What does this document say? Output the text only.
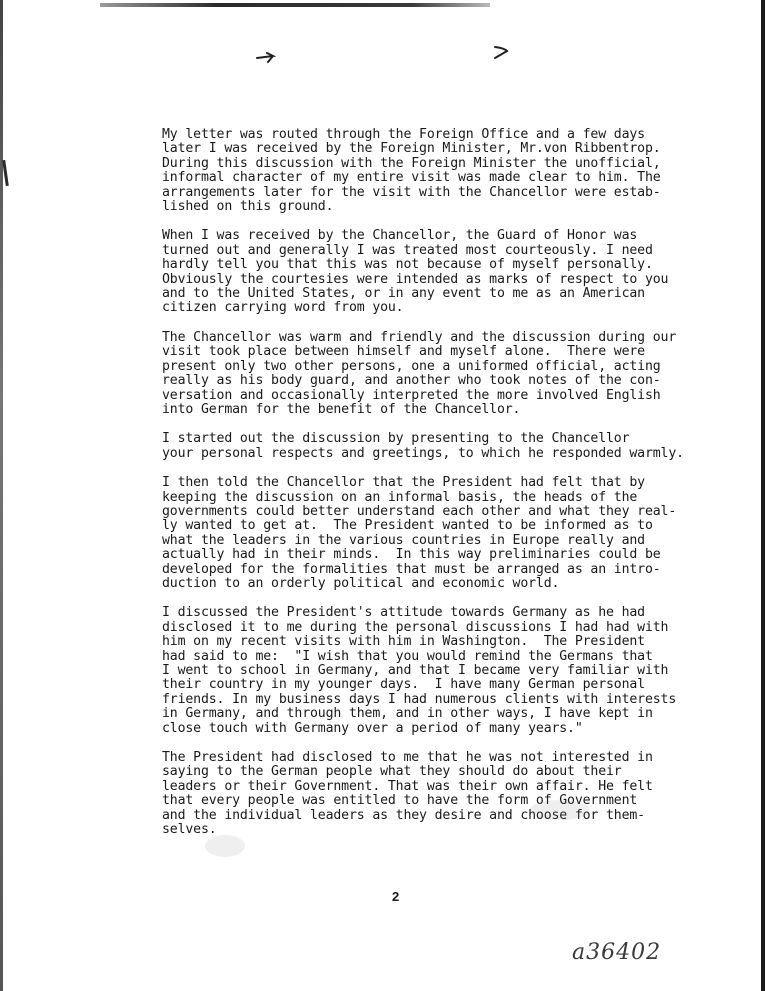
My letter was routed through the Foreign Office and a few days
later I was received by the Foreign Minister, Mr.von Ribbentrop.
During this discussion with the Foreign Minister the unofficial,
informal character of my entire visit was made clear to him. The
arrangements later for the visit with the Chancellor were estab-
lished on this ground.

When I was received by the Chancellor, the Guard of Honor was
turned out and generally I was treated most courteously. I need
hardly tell you that this was not because of myself personally.
Obviously the courtesies were intended as marks of respect to you
and to the United States, or in any event to me as an American
citizen carrying word from you.

The Chancellor was warm and friendly and the discussion during our
visit took place between himself and myself alone.  There were
present only two other persons, one a uniformed official, acting
really as his body guard, and another who took notes of the con-
versation and occasionally interpreted the more involved English
into German for the benefit of the Chancellor.

I started out the discussion by presenting to the Chancellor
your personal respects and greetings, to which he responded warmly.

I then told the Chancellor that the President had felt that by
keeping the discussion on an informal basis, the heads of the
governments could better understand each other and what they real-
ly wanted to get at.  The President wanted to be informed as to
what the leaders in the various countries in Europe really and
actually had in their minds.  In this way preliminaries could be
developed for the formalities that must be arranged as an intro-
duction to an orderly political and economic world.

I discussed the President's attitude towards Germany as he had
disclosed it to me during the personal discussions I had had with
him on my recent visits with him in Washington.  The President
had said to me:  "I wish that you would remind the Germans that
I went to school in Germany, and that I became very familiar with
their country in my younger days.  I have many German personal
friends. In my business days I had numerous clients with interests
in Germany, and through them, and in other ways, I have kept in
close touch with Germany over a period of many years."

The President had disclosed to me that he was not interested in
saying to the German people what they should do about their
leaders or their Government. That was their own affair. He felt
that every people was entitled to have the form of Government
and the individual leaders as they desire and choose for them-
selves.

2
a36402
